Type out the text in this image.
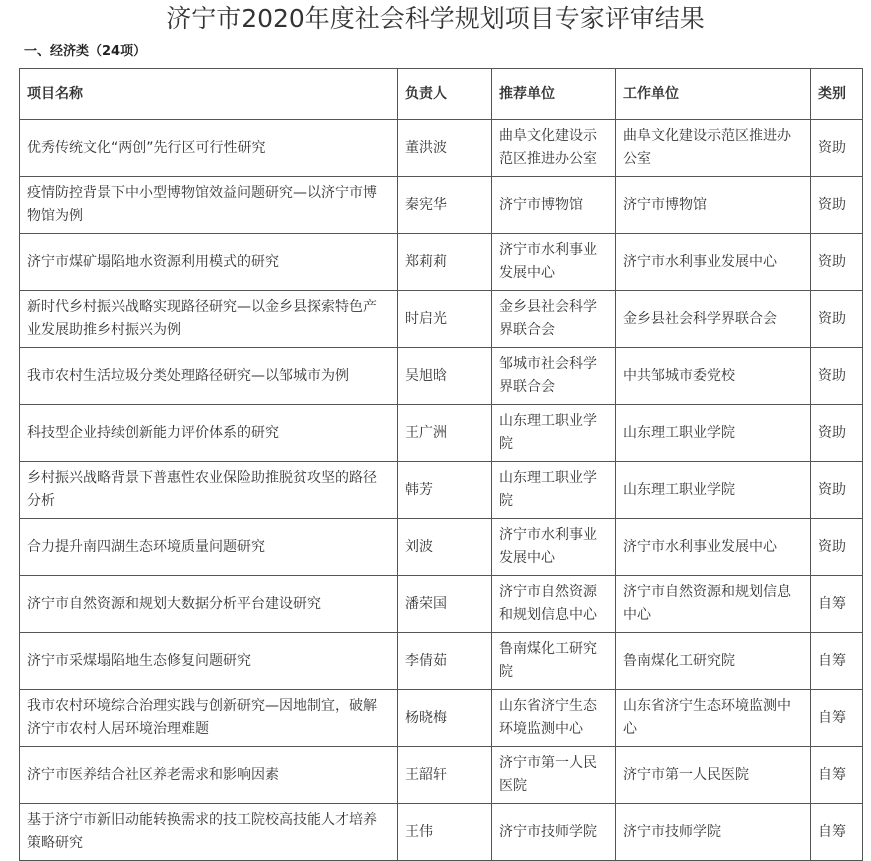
济宁市2020年度社会科学规划项目专家评审结果
一、经济类（24项）
项目名称	负责人	推荐单位	工作单位	类别
优秀传统文化“两创”先行区可行性研究	董洪波	曲阜文化建设示范区推进办公室	曲阜文化建设示范区推进办公室	资助
疫情防控背景下中小型博物馆效益问题研究—以济宁市博物馆为例	秦宪华	济宁市博物馆	济宁市博物馆	资助
济宁市煤矿塌陷地水资源利用模式的研究	郑莉莉	济宁市水利事业发展中心	济宁市水利事业发展中心	资助
新时代乡村振兴战略实现路径研究—以金乡县探索特色产业发展助推乡村振兴为例	时启光	金乡县社会科学界联合会	金乡县社会科学界联合会	资助
我市农村生活垃圾分类处理路径研究—以邹城市为例	吴旭晗	邹城市社会科学界联合会	中共邹城市委党校	资助
科技型企业持续创新能力评价体系的研究	王广洲	山东理工职业学院	山东理工职业学院	资助
乡村振兴战略背景下普惠性农业保险助推脱贫攻坚的路径分析	韩芳	山东理工职业学院	山东理工职业学院	资助
合力提升南四湖生态环境质量问题研究	刘波	济宁市水利事业发展中心	济宁市水利事业发展中心	资助
济宁市自然资源和规划大数据分析平台建设研究	潘荣国	济宁市自然资源和规划信息中心	济宁市自然资源和规划信息中心	自筹
济宁市采煤塌陷地生态修复问题研究	李倩茹	鲁南煤化工研究院	鲁南煤化工研究院	自筹
我市农村环境综合治理实践与创新研究—因地制宜，破解济宁市农村人居环境治理难题	杨晓梅	山东省济宁生态环境监测中心	山东省济宁生态环境监测中心	自筹
济宁市医养结合社区养老需求和影响因素	王韶轩	济宁市第一人民医院	济宁市第一人民医院	自筹
基于济宁市新旧动能转换需求的技工院校高技能人才培养策略研究	王伟	济宁市技师学院	济宁市技师学院	自筹
